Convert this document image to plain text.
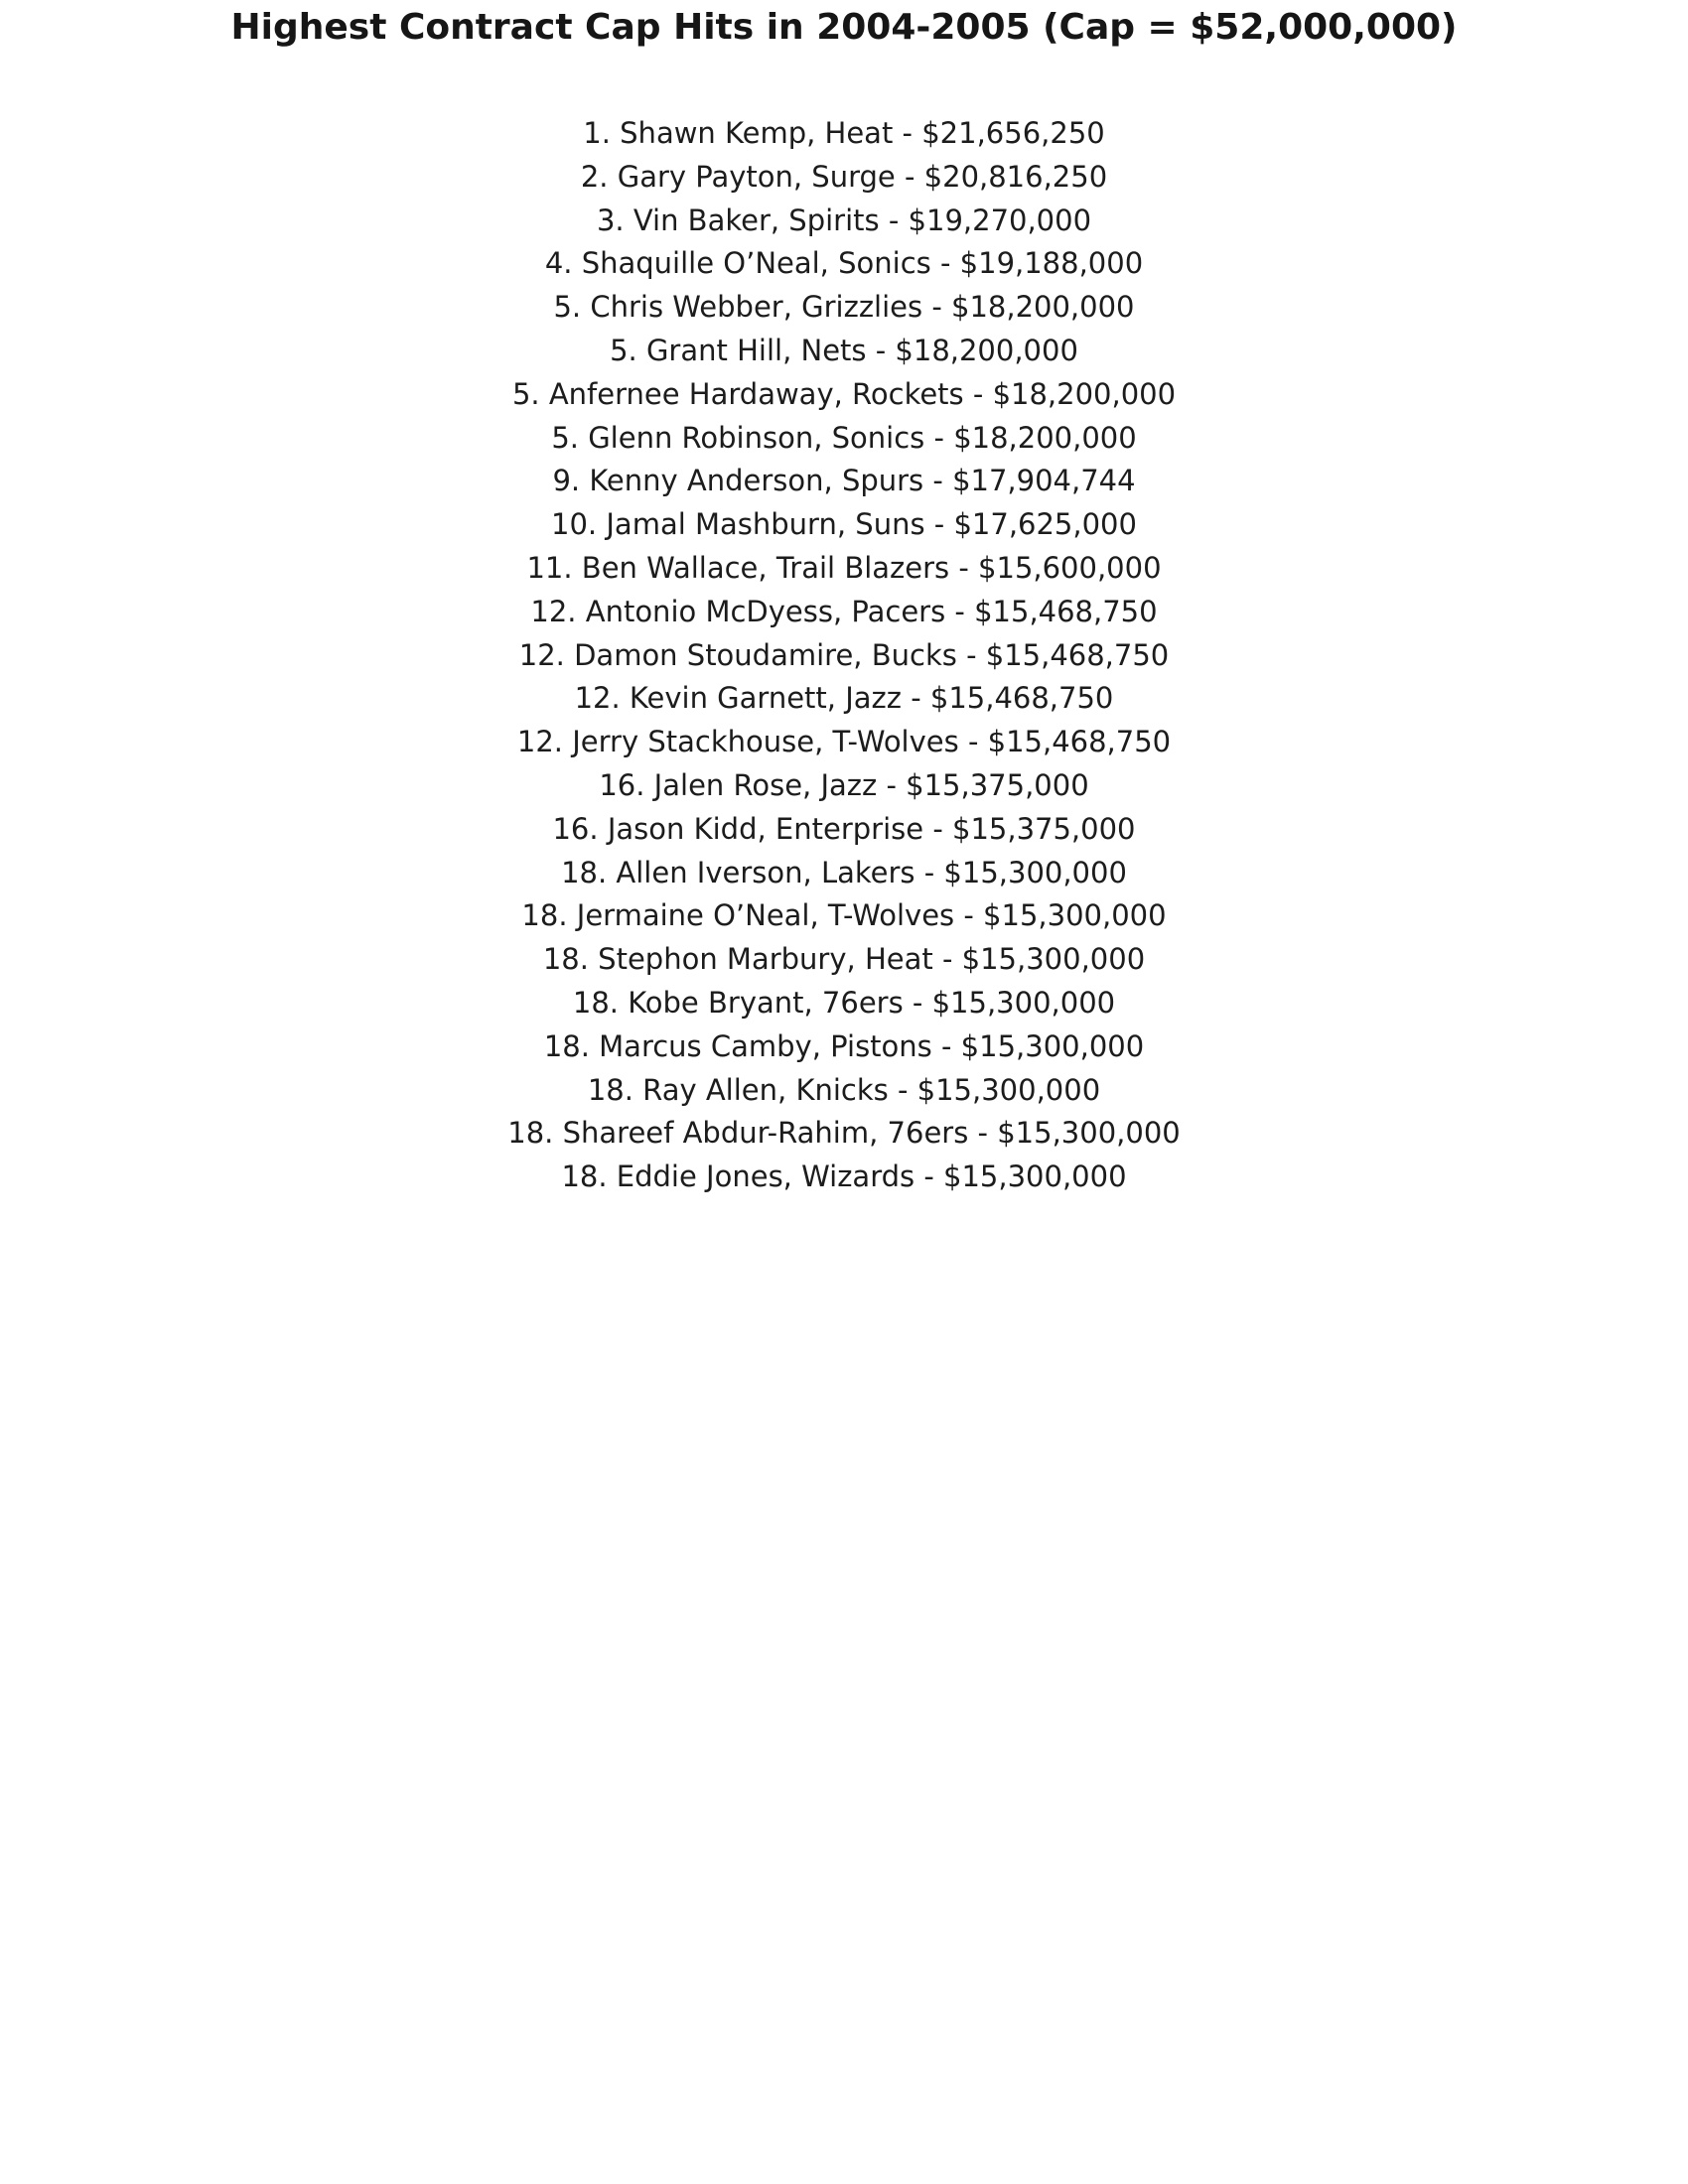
Highest Contract Cap Hits in 2004-2005 (Cap = $52,000,000)
1. Shawn Kemp, Heat - $21,656,250
2. Gary Payton, Surge - $20,816,250
3. Vin Baker, Spirits - $19,270,000
4. Shaquille O’Neal, Sonics - $19,188,000
5. Chris Webber, Grizzlies - $18,200,000
5. Grant Hill, Nets - $18,200,000
5. Anfernee Hardaway, Rockets - $18,200,000
5. Glenn Robinson, Sonics - $18,200,000
9. Kenny Anderson, Spurs - $17,904,744
10. Jamal Mashburn, Suns - $17,625,000
11. Ben Wallace, Trail Blazers - $15,600,000
12. Antonio McDyess, Pacers - $15,468,750
12. Damon Stoudamire, Bucks - $15,468,750
12. Kevin Garnett, Jazz - $15,468,750
12. Jerry Stackhouse, T-Wolves - $15,468,750
16. Jalen Rose, Jazz - $15,375,000
16. Jason Kidd, Enterprise - $15,375,000
18. Allen Iverson, Lakers - $15,300,000
18. Jermaine O’Neal, T-Wolves - $15,300,000
18. Stephon Marbury, Heat - $15,300,000
18. Kobe Bryant, 76ers - $15,300,000
18. Marcus Camby, Pistons - $15,300,000
18. Ray Allen, Knicks - $15,300,000
18. Shareef Abdur-Rahim, 76ers - $15,300,000
18. Eddie Jones, Wizards - $15,300,000
